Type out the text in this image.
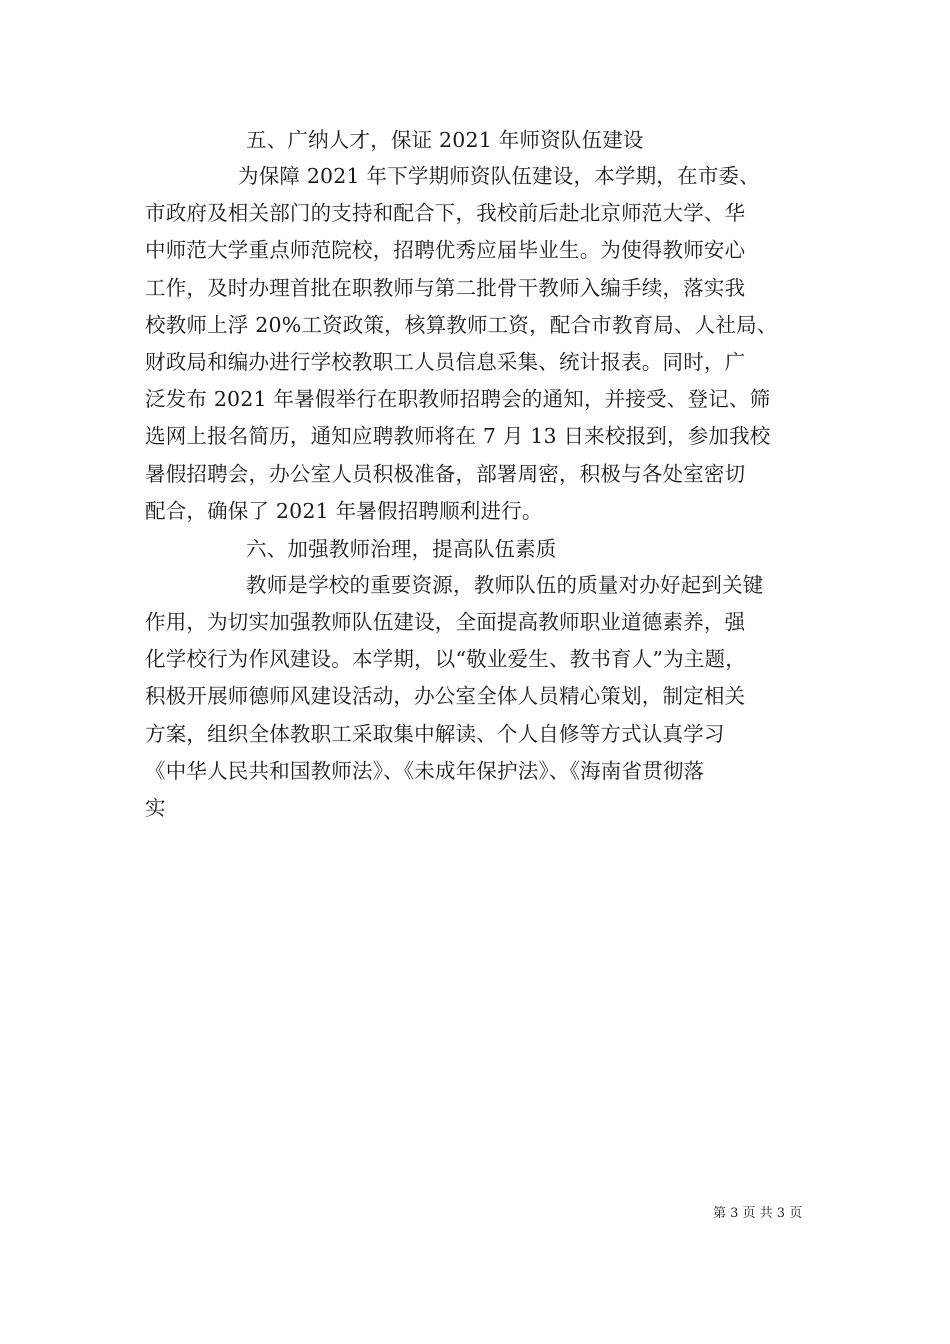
五、广纳人才，保证 2021 年师资队伍建设
为保障 2021 年下学期师资队伍建设，本学期，在市委、
市政府及相关部门的支持和配合下，我校前后赴北京师范大学、华
中师范大学重点师范院校，招聘优秀应届毕业生。为使得教师安心
工作，及时办理首批在职教师与第二批骨干教师入编手续，落实我
校教师上浮 20%工资政策，核算教师工资，配合市教育局、人社局、
财政局和编办进行学校教职工人员信息采集、统计报表。同时，广
泛发布 2021 年暑假举行在职教师招聘会的通知，并接受、登记、筛
选网上报名简历，通知应聘教师将在 7 月 13 日来校报到，参加我校
暑假招聘会，办公室人员积极准备，部署周密，积极与各处室密切
配合，确保了 2021 年暑假招聘顺利进行。
六、加强教师治理，提高队伍素质
教师是学校的重要资源，教师队伍的质量对办好起到关键
作用，为切实加强教师队伍建设，全面提高教师职业道德素养，强
化学校行为作风建设。本学期，以“敬业爱生、教书育人”为主题，
积极开展师德师风建设活动，办公室全体人员精心策划，制定相关
方案，组织全体教职工采取集中解读、个人自修等方式认真学习
《中华人民共和国教师法》、《未成年保护法》、《海南省贯彻落
实
第 3 页 共 3 页
